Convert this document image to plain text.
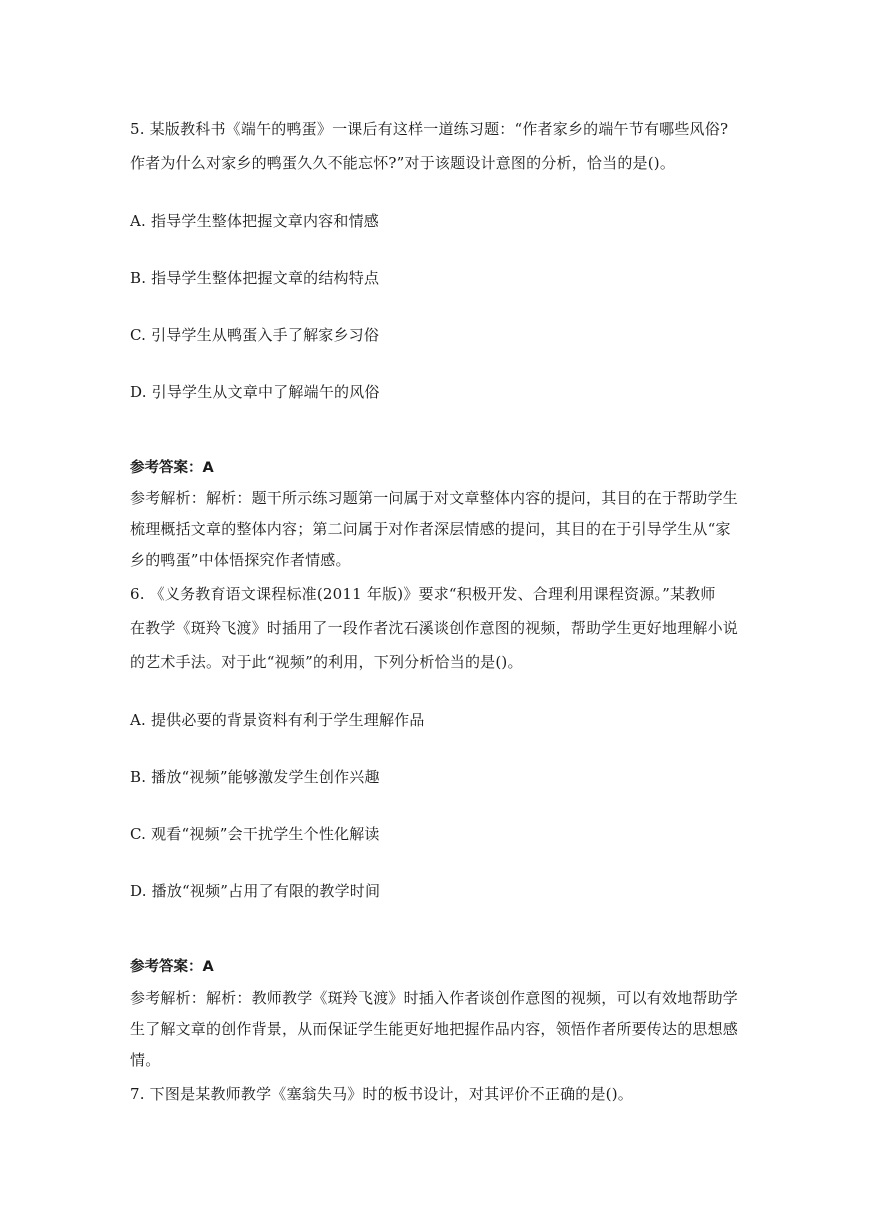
5. 某版教科书《端午的鸭蛋》一课后有这样一道练习题：“作者家乡的端午节有哪些风俗?
作者为什么对家乡的鸭蛋久久不能忘怀?”对于该题设计意图的分析，恰当的是()。
A. 指导学生整体把握文章内容和情感
B. 指导学生整体把握文章的结构特点
C. 引导学生从鸭蛋入手了解家乡习俗
D. 引导学生从文章中了解端午的风俗
参考答案：A
参考解析：解析：题干所示练习题第一问属于对文章整体内容的提问，其目的在于帮助学生
梳理概括文章的整体内容；第二问属于对作者深层情感的提问，其目的在于引导学生从“家
乡的鸭蛋”中体悟探究作者情感。
6. 《义务教育语文课程标准(2011 年版)》要求“积极开发、合理利用课程资源。”某教师
在教学《斑羚飞渡》时插用了一段作者沈石溪谈创作意图的视频，帮助学生更好地理解小说
的艺术手法。对于此“视频”的利用，下列分析恰当的是()。
A. 提供必要的背景资料有利于学生理解作品
B. 播放“视频”能够激发学生创作兴趣
C. 观看“视频”会干扰学生个性化解读
D. 播放“视频”占用了有限的教学时间
参考答案：A
参考解析：解析：教师教学《斑羚飞渡》时插入作者谈创作意图的视频，可以有效地帮助学
生了解文章的创作背景，从而保证学生能更好地把握作品内容，领悟作者所要传达的思想感
情。
7. 下图是某教师教学《塞翁失马》时的板书设计，对其评价不正确的是()。
